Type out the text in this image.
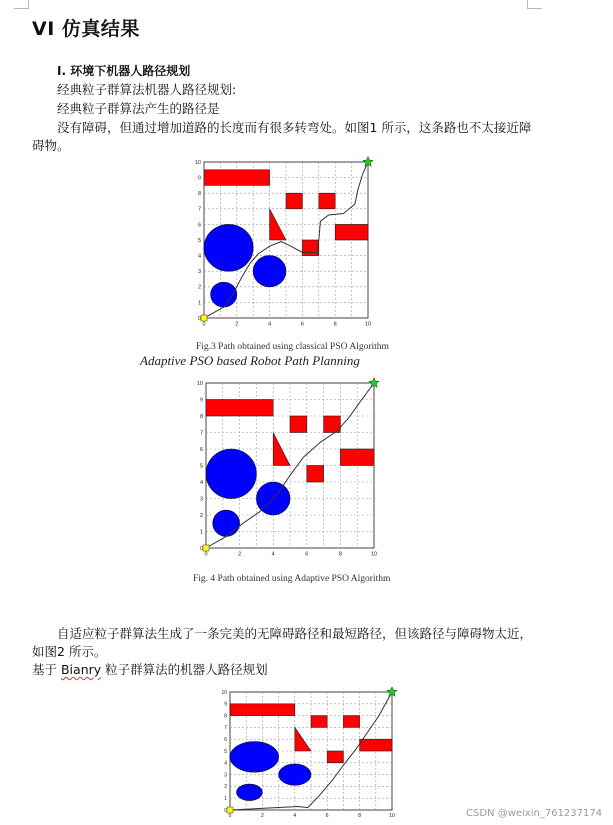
VI 仿真结果
I. 环境下机器人路径规划
经典粒子群算法机器人路径规划:
经典粒子群算法产生的路径是
没有障碍，但通过增加道路的长度而有很多转弯处。如图1 所示，这条路也不太接近障
碍物。
0
1
2
3
4
5
6
7
8
9
10
0	2	4	6	8	10
Fig.3 Path obtained using classical PSO Algorithm
Adaptive PSO based Robot Path Planning
0
1
2
3
4
5
6
7
8
9
10
0	2	4	6	8	10
Fig. 4 Path obtained using Adaptive PSO Algorithm
自适应粒子群算法生成了一条完美的无障碍路径和最短路径，但该路径与障碍物太近，
如图2 所示。
基于 Bianry 粒子群算法的机器人路径规划
0
1
2
3
4
5
6
7
8
9
10
0	2	4	6	8	10	CSDN @weixin_761237174
